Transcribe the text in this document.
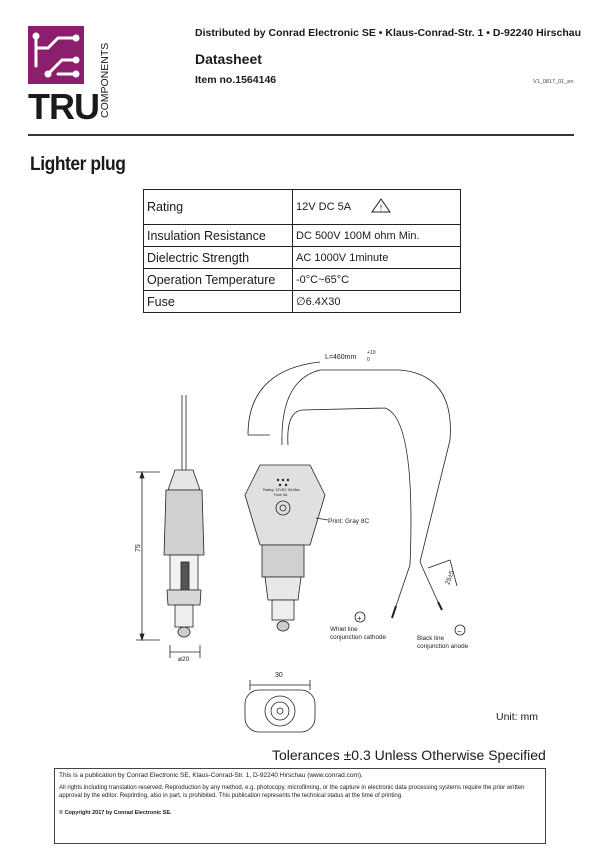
TRU COMPONENTS
Distributed by Conrad Electronic SE • Klaus-Conrad-Str. 1 • D-92240 Hirschau
Datasheet
Item no.1564146	V1_0817_01_en
Lighter plug
Rating	12V DC 5A !

Insulation Resistance	DC 500V 100M ohm Min.
Dielectric Strength	AC 1000V 1minute
Operation Temperature	-0°C~65°C
Fuse	∅6.4X30
L=460mm
+10
0
75
ø20
30
25±5
Rating: 12VDC 5A Max
Fuse 5A
Print: Gray 8C
+
−
Whiet line
conjunction cathode	Black line
conjunction anode
Unit: mm
Tolerances ±0.3 Unless Otherwise Specified
This is a publication by Conrad Electronic SE, Klaus-Conrad-Str. 1, D-92240 Hirschau (www.conrad.com).
All rights including translation reserved. Reproduction by any method, e.g. photocopy, microfilming, or the capture in electronic data processing systems require the prior written approval by the editor. Reprinting, also in part, is prohibited. This publication represents the technical status at the time of printing.
© Copyright 2017 by Conrad Electronic SE.
